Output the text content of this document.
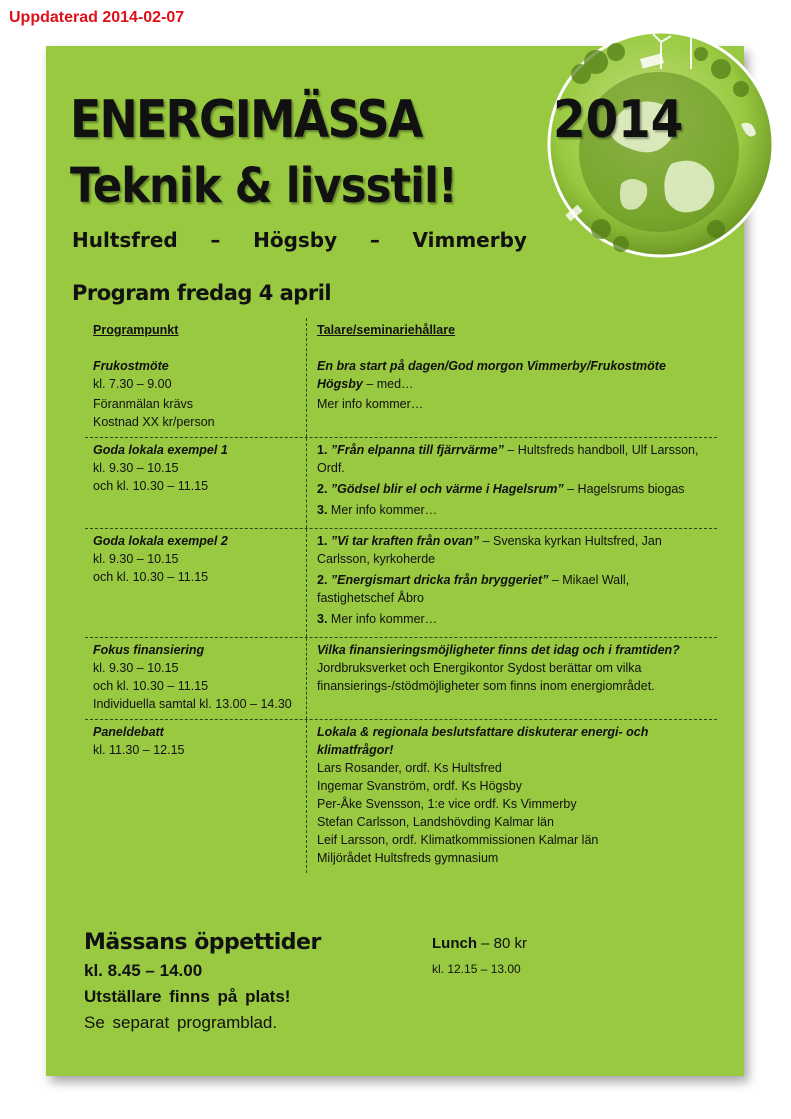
Uppdaterad 2014-02-07
ENERGIMÄSSA	2014
Teknik & livsstil!
Hultsfred – Högsby – Vimmerby
Program fredag 4 april
Programpunkt
Frukostmöte
kl. 7.30 – 9.00
Föranmälan krävs
Kostnad XX kr/person
Talare/seminariehållare
En bra start på dagen/God morgon Vimmerby/Frukostmöte Högsby – med…
Mer info kommer…
Goda lokala exempel 1
kl. 9.30 – 10.15
och kl. 10.30 – 11.15
1. ”Från elpanna till fjärrvärme” – Hultsfreds handboll, Ulf Larsson, Ordf.
2. ”Gödsel blir el och värme i Hagelsrum” – Hagelsrums biogas
3. Mer info kommer…
Goda lokala exempel 2
kl. 9.30 – 10.15
och kl. 10.30 – 11.15
1. ”Vi tar kraften från ovan” – Svenska kyrkan Hultsfred, Jan Carlsson, kyrkoherde
2. ”Energismart dricka från bryggeriet” – Mikael Wall, fastighetschef Åbro
3. Mer info kommer…
Fokus finansiering
kl. 9.30 – 10.15
och kl. 10.30 – 11.15
Individuella samtal kl. 13.00 – 14.30
Vilka finansieringsmöjligheter finns det idag och i framtiden?
Jordbruksverket och Energikontor Sydost berättar om vilka finansierings-/stödmöjligheter som finns inom energiområdet.
Paneldebatt
kl. 11.30 – 12.15
Lokala & regionala beslutsfattare diskuterar energi- och klimatfrågor!
Lars Rosander, ordf. Ks Hultsfred
Ingemar Svanström, ordf. Ks Högsby
Per-Åke Svensson, 1:e vice ordf. Ks Vimmerby
Stefan Carlsson, Landshövding Kalmar län
Leif Larsson, ordf. Klimatkommissionen Kalmar län
Miljörådet Hultsfreds gymnasium
Mässans öppettider
kl. 8.45 – 14.00
Utställare finns på plats!
Se separat programblad.
Lunch – 80 kr
kl. 12.15 – 13.00
